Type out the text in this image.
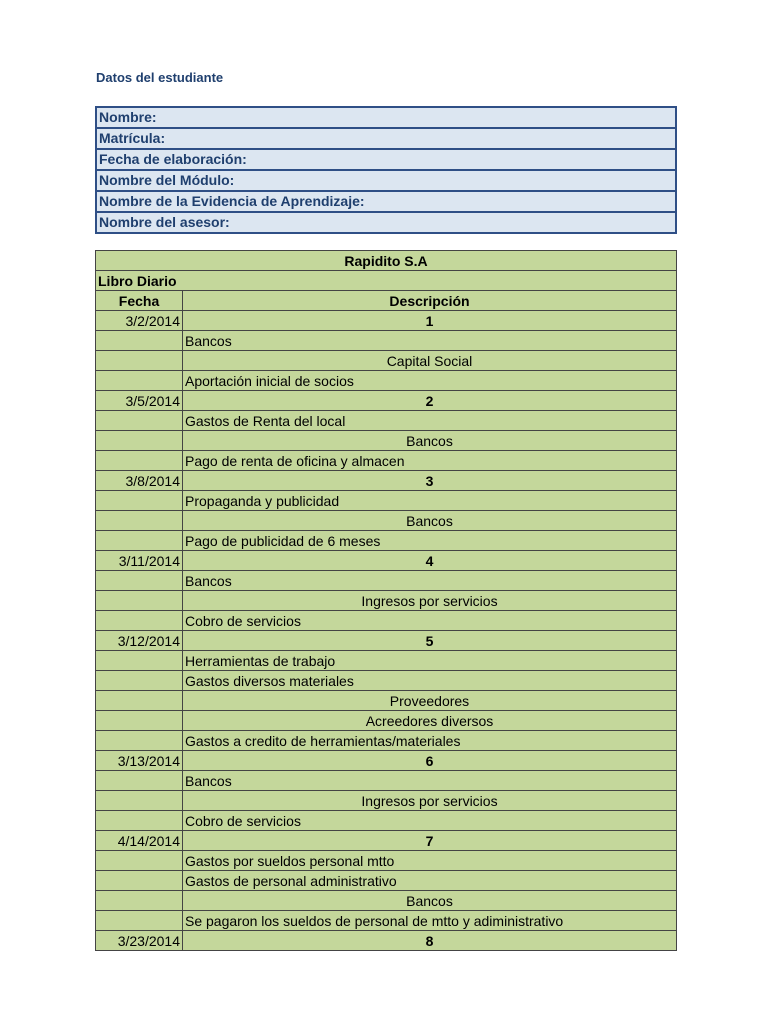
Datos del estudiante
Nombre:
Matrícula:
Fecha de elaboración:
Nombre del Módulo:
Nombre de la Evidencia de Aprendizaje:
Nombre del asesor:
Rapidito S.A	
Libro Diario	
Fecha	Descripción
3/2/2014	1
	Bancos
	Capital Social
	Aportación inicial de socios
3/5/2014	2
	Gastos de Renta del local
	Bancos
	Pago de renta de oficina y almacen
3/8/2014	3
	Propaganda y publicidad
	Bancos
	Pago de publicidad de 6 meses
3/11/2014	4
	Bancos
	Ingresos por servicios
	Cobro de servicios
3/12/2014	5
	Herramientas de trabajo
	Gastos diversos materiales
	Proveedores
	Acreedores diversos
	Gastos a credito de herramientas/materiales
3/13/2014	6
	Bancos
	Ingresos por servicios
	Cobro de servicios
4/14/2014	7
	Gastos por sueldos personal mtto
	Gastos de personal administrativo
	Bancos
	Se pagaron los sueldos de personal de mtto y adiministrativo
3/23/2014	8
